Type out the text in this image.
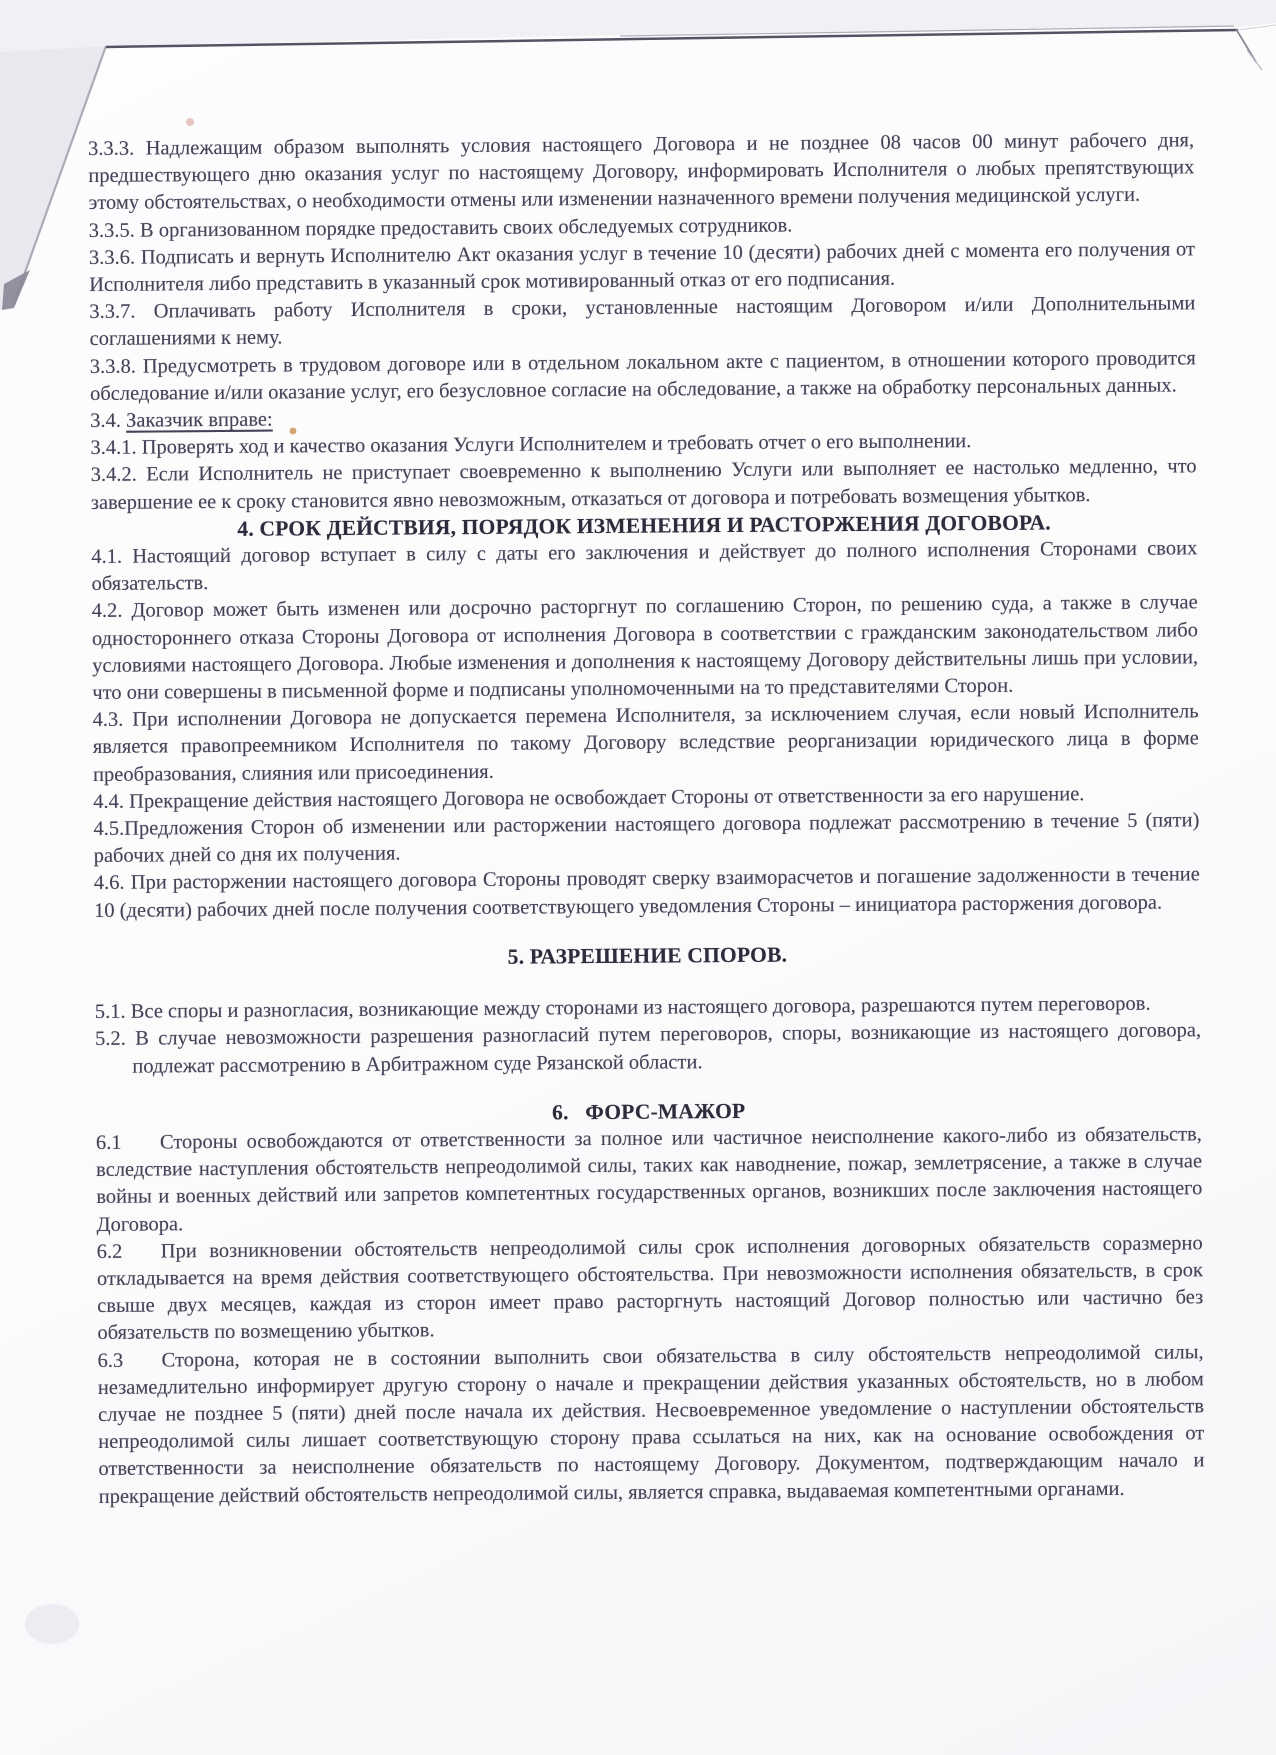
3.3.3. Надлежащим образом выполнять условия настоящего Договора и не позднее 08 часов 00 минут рабочего дня, предшествующего дню оказания услуг по настоящему Договору, информировать Исполнителя о любых препятствующих этому обстоятельствах, о необходимости отмены или изменении назначенного времени получения медицинской услуги.

3.3.5. В организованном порядке предоставить своих обследуемых сотрудников.

3.3.6. Подписать и вернуть Исполнителю Акт оказания услуг в течение 10 (десяти) рабочих дней с момента его получения от Исполнителя либо представить в указанный срок мотивированный отказ от его подписания.

3.3.7. Оплачивать работу Исполнителя в сроки, установленные настоящим Договором и/или Дополнительными соглашениями к нему.

3.3.8. Предусмотреть в трудовом договоре или в отдельном локальном акте с пациентом, в отношении которого проводится обследование и/или оказание услуг, его безусловное согласие на обследование, а также на обработку персональных данных.

3.4. Заказчик вправе:

3.4.1. Проверять ход и качество оказания Услуги Исполнителем и требовать отчет о его выполнении.

3.4.2. Если Исполнитель не приступает своевременно к выполнению Услуги или выполняет ее настолько медленно, что завершение ее к сроку становится явно невозможным, отказаться от договора и потребовать возмещения убытков.

4. СРОК ДЕЙСТВИЯ, ПОРЯДОК ИЗМЕНЕНИЯ И РАСТОРЖЕНИЯ ДОГОВОРА.

4.1. Настоящий договор вступает в силу с даты его заключения и действует до полного исполнения Сторонами своих обязательств.

4.2. Договор может быть изменен или досрочно расторгнут по соглашению Сторон, по решению суда, а также в случае одностороннего отказа Стороны Договора от исполнения Договора в соответствии с гражданским законодательством либо условиями настоящего Договора. Любые изменения и дополнения к настоящему Договору действительны лишь при условии, что они совершены в письменной форме и подписаны уполномоченными на то представителями Сторон.

4.3. При исполнении Договора не допускается перемена Исполнителя, за исключением случая, если новый Исполнитель является правопреемником Исполнителя по такому Договору вследствие реорганизации юридического лица в форме преобразования, слияния или присоединения.

4.4. Прекращение действия настоящего Договора не освобождает Стороны от ответственности за его нарушение.

4.5.Предложения Сторон об изменении или расторжении настоящего договора подлежат рассмотрению в течение 5 (пяти) рабочих дней со дня их получения.

4.6. При расторжении настоящего договора Стороны проводят сверку взаиморасчетов и погашение задолженности в течение 10 (десяти) рабочих дней после получения соответствующего уведомления Стороны – инициатора расторжения договора.

5. РАЗРЕШЕНИЕ СПОРОВ.

5.1. Все споры и разногласия, возникающие между сторонами из настоящего договора, разрешаются путем переговоров.

5.2. В случае невозможности разрешения разногласий путем переговоров, споры, возникающие из настоящего договора, подлежат рассмотрению в Арбитражном суде Рязанской области.

6.   ФОРС-МАЖОР

6.1 Стороны освобождаются от ответственности за полное или частичное неисполнение какого-либо из обязательств, вследствие наступления обстоятельств непреодолимой силы, таких как наводнение, пожар, землетрясение, а также в случае войны и военных действий или запретов компетентных государственных органов, возникших после заключения настоящего Договора.

6.2 При возникновении обстоятельств непреодолимой силы срок исполнения договорных обязательств соразмерно откладывается на время действия соответствующего обстоятельства. При невозможности исполнения обязательств, в срок свыше двух месяцев, каждая из сторон имеет право расторгнуть настоящий Договор полностью или частично без обязательств по возмещению убытков.

6.3 Сторона, которая не в состоянии выполнить свои обязательства в силу обстоятельств непреодолимой силы, незамедлительно информирует другую сторону о начале и прекращении действия указанных обстоятельств, но в любом случае не позднее 5 (пяти) дней после начала их действия. Несвоевременное уведомление о наступлении обстоятельств непреодолимой силы лишает соответствующую сторону права ссылаться на них, как на основание освобождения от ответственности за неисполнение обязательств по настоящему Договору. Документом, подтверждающим начало и прекращение действий обстоятельств непреодолимой силы, является справка, выдаваемая компетентными органами.
